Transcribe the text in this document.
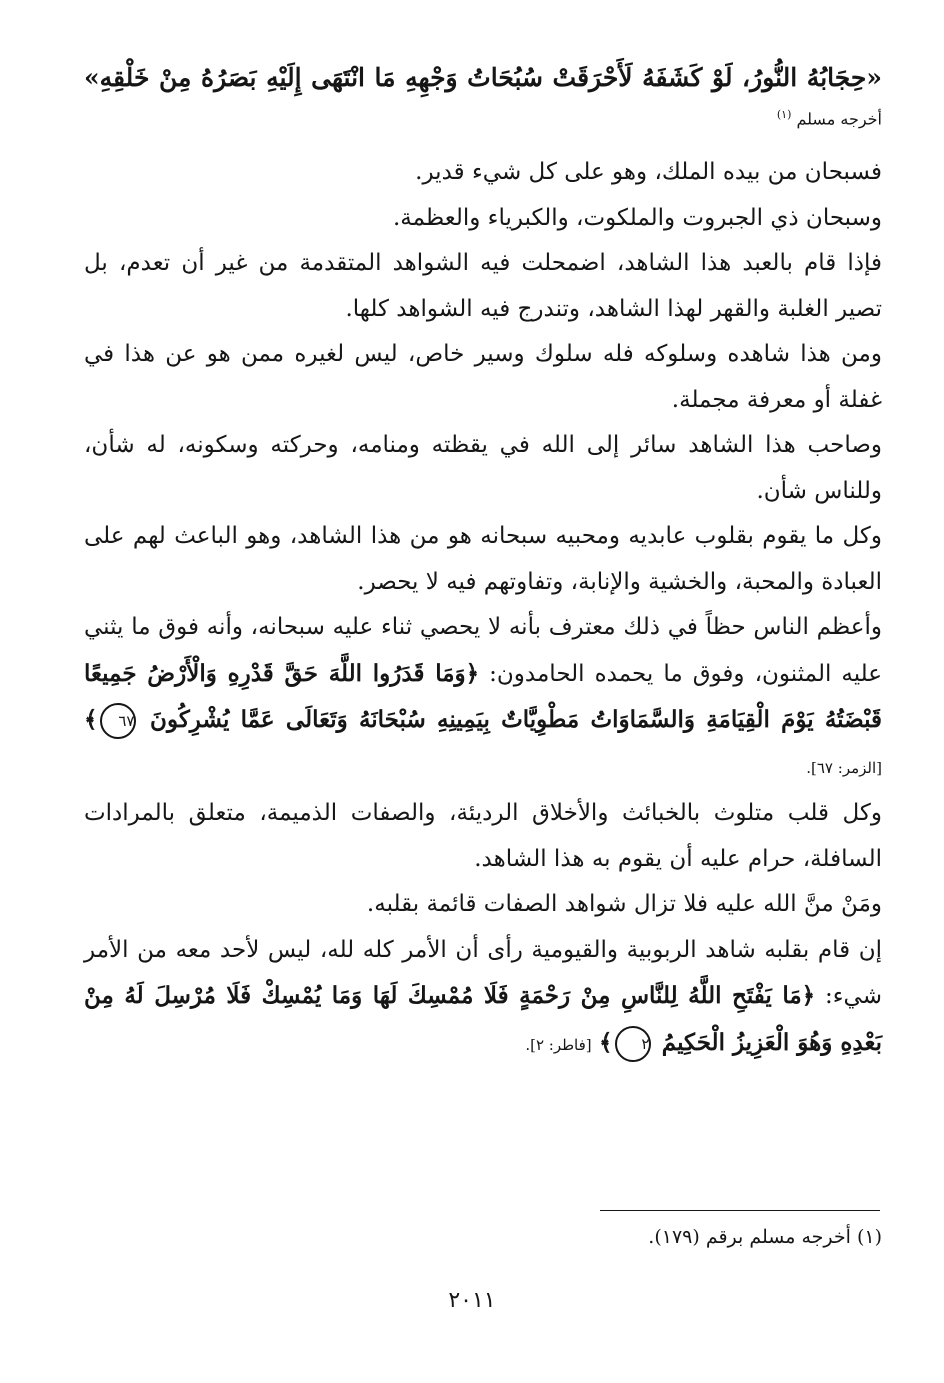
«حِجَابُهُ النُّورُ، لَوْ كَشَفَهُ لَأَحْرَقَتْ سُبُحَاتُ وَجْهِهِ مَا انْتَهَى إِلَيْهِ بَصَرُهُ مِنْ خَلْقِهِ»
أخرجه مسلم $^{(١)}$

فسبحان من بيده الملك، وهو على كل شيء قدير.

وسبحان ذي الجبروت والملكوت، والكبرياء والعظمة.

فإذا قام بالعبد هذا الشاهد، اضمحلت فيه الشواهد المتقدمة من غير أن تعدم، بل تصير الغلبة والقهر لهذا الشاهد، وتندرج فيه الشواهد كلها.

ومن هذا شاهده وسلوكه فله سلوك وسير خاص، ليس لغيره ممن هو عن هذا في غفلة أو معرفة مجملة.

وصاحب هذا الشاهد سائر إلى الله في يقظته ومنامه، وحركته وسكونه، له شأن، وللناس شأن.

وكل ما يقوم بقلوب عابديه ومحبيه سبحانه هو من هذا الشاهد، وهو الباعث لهم على العبادة والمحبة، والخشية والإنابة، وتفاوتهم فيه لا يحصر.

وأعظم الناس حظاً في ذلك معترف بأنه لا يحصي ثناء عليه سبحانه، وأنه فوق ما يثني عليه المثنون، وفوق ما يحمده الحامدون: ﴿وَمَا قَدَرُوا اللَّهَ حَقَّ قَدْرِهِ وَالْأَرْضُ جَمِيعًا قَبْضَتُهُ يَوْمَ الْقِيَامَةِ وَالسَّمَاوَاتُ مَطْوِيَّاتٌ بِيَمِينِهِ سُبْحَانَهُ وَتَعَالَى عَمَّا يُشْرِكُونَ ٦٧﴾ [الزمر: ٦٧].

وكل قلب متلوث بالخبائث والأخلاق الرديئة، والصفات الذميمة، متعلق بالمرادات السافلة، حرام عليه أن يقوم به هذا الشاهد.

ومَنْ منَّ الله عليه فلا تزال شواهد الصفات قائمة بقلبه.

إن قام بقلبه شاهد الربوبية والقيومية رأى أن الأمر كله لله، ليس لأحد معه من الأمر شيء: ﴿مَا يَفْتَحِ اللَّهُ لِلنَّاسِ مِنْ رَحْمَةٍ فَلَا مُمْسِكَ لَهَا وَمَا يُمْسِكْ فَلَا مُرْسِلَ لَهُ مِنْ بَعْدِهِ وَهُوَ الْعَزِيزُ الْحَكِيمُ ٢﴾ [فاطر: ٢].

(١) أخرجه مسلم برقم (١٧٩).
٢٠١١
